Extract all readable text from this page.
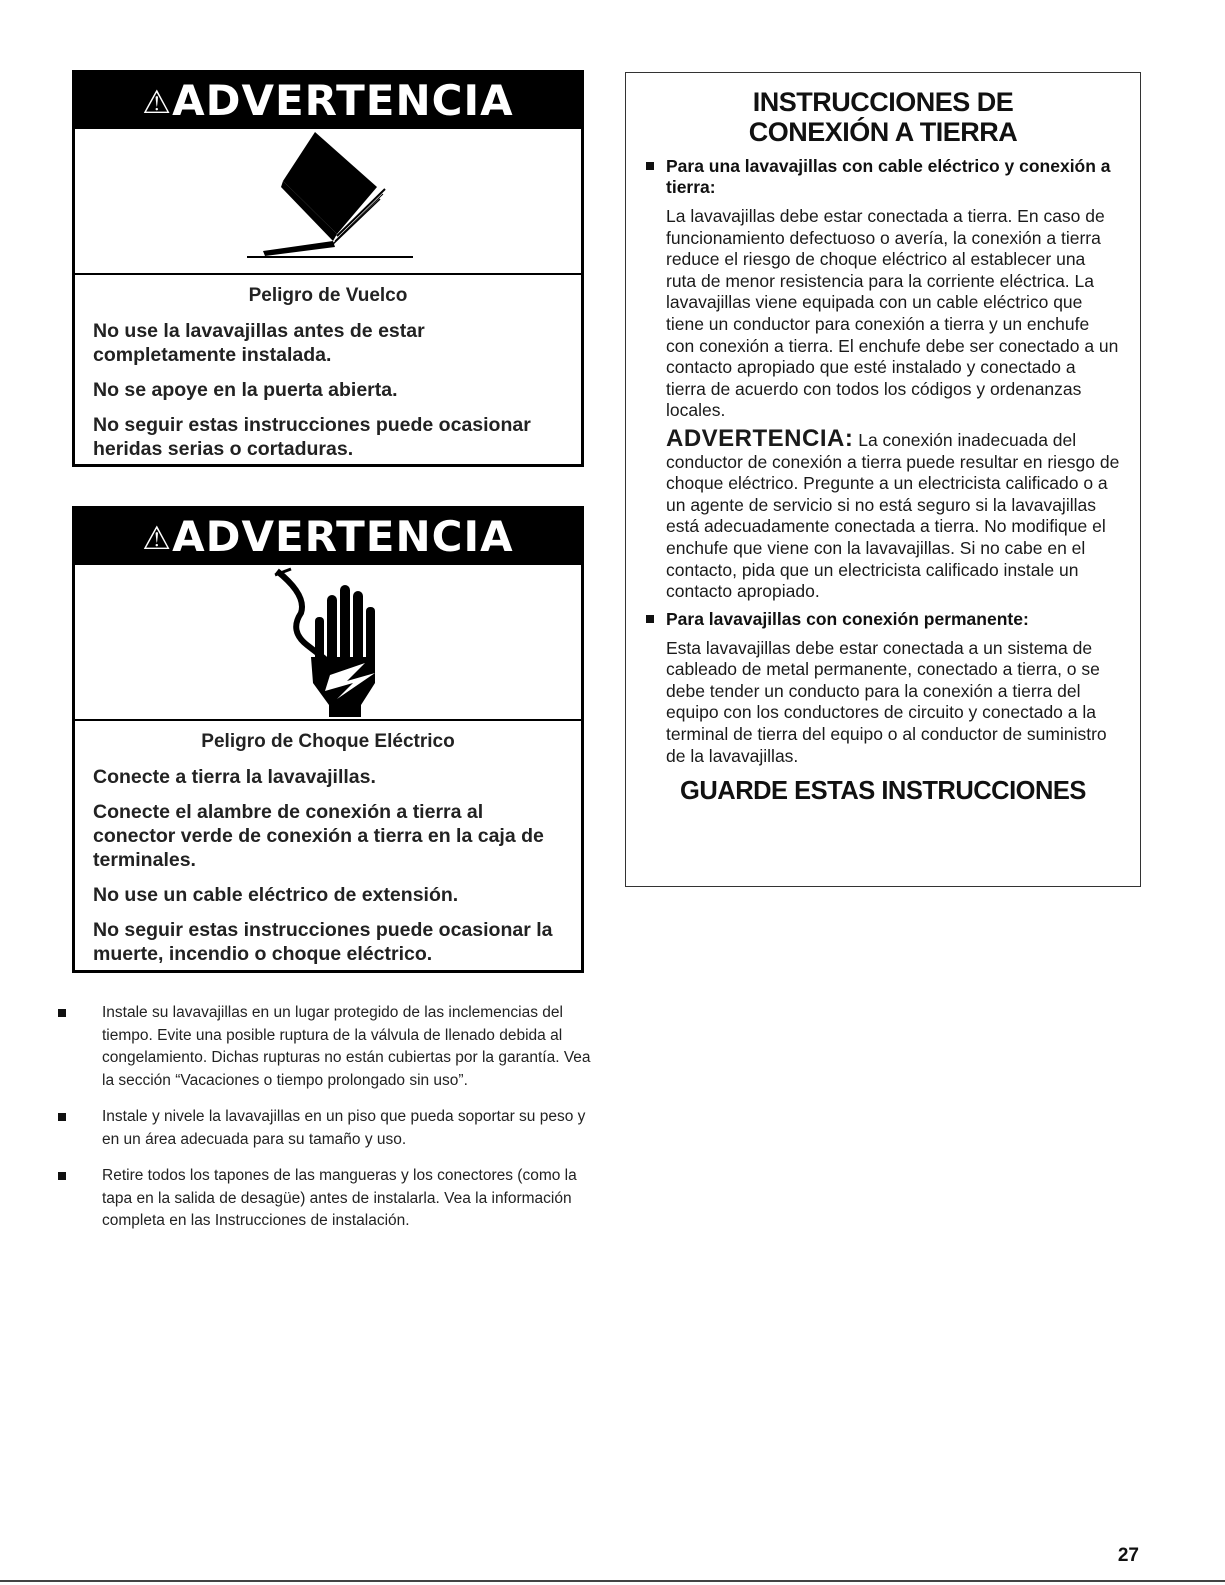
⚠ADVERTENCIA
Peligro de Vuelco

No use la lavavajillas antes de estar completamente instalada.

No se apoye en la puerta abierta.

No seguir estas instrucciones puede ocasionar heridas serias o cortaduras.

⚠ADVERTENCIA
Peligro de Choque Eléctrico

Conecte a tierra la lavavajillas.

Conecte el alambre de conexión a tierra al conector verde de conexión a tierra en la caja de terminales.

No use un cable eléctrico de extensión.

No seguir estas instrucciones puede ocasionar la muerte, incendio o choque eléctrico.

Instale su lavavajillas en un lugar protegido de las inclemencias del tiempo. Evite una posible ruptura de la válvula de llenado debida al congelamiento. Dichas rupturas no están cubiertas por la garantía. Vea la sección “Vacaciones o tiempo prolongado sin uso”.
Instale y nivele la lavavajillas en un piso que pueda soportar su peso y en un área adecuada para su tamaño y uso.
Retire todos los tapones de las mangueras y los conectores (como la tapa en la salida de desagüe) antes de instalarla. Vea la información completa en las Instrucciones de instalación.
INSTRUCCIONES DE
CONEXIÓN A TIERRA
Para una lavavajillas con cable eléctrico y conexión a tierra:

La lavavajillas debe estar conectada a tierra. En caso de funcionamiento defectuoso o avería, la conexión a tierra reduce el riesgo de choque eléctrico al establecer una ruta de menor resistencia para la corriente eléctrica. La lavavajillas viene equipada con un cable eléctrico que tiene un conductor para conexión a tierra y un enchufe con conexión a tierra. El enchufe debe ser conectado a un contacto apropiado que esté instalado y conectado a tierra de acuerdo con todos los códigos y ordenanzas locales.

ADVERTENCIA: La conexión inadecuada del conductor de conexión a tierra puede resultar en riesgo de choque eléctrico. Pregunte a un electricista calificado o a un agente de servicio si no está seguro si la lavavajillas está adecuadamente conectada a tierra. No modifique el enchufe que viene con la lavavajillas. Si no cabe en el contacto, pida que un electricista calificado instale un contacto apropiado.

Para lavavajillas con conexión permanente:

Esta lavavajillas debe estar conectada a un sistema de cableado de metal permanente, conectado a tierra, o se debe tender un conducto para la conexión a tierra del equipo con los conductores de circuito y conectado a la terminal de tierra del equipo o al conductor de suministro de la lavavajillas.

GUARDE ESTAS INSTRUCCIONES
27
